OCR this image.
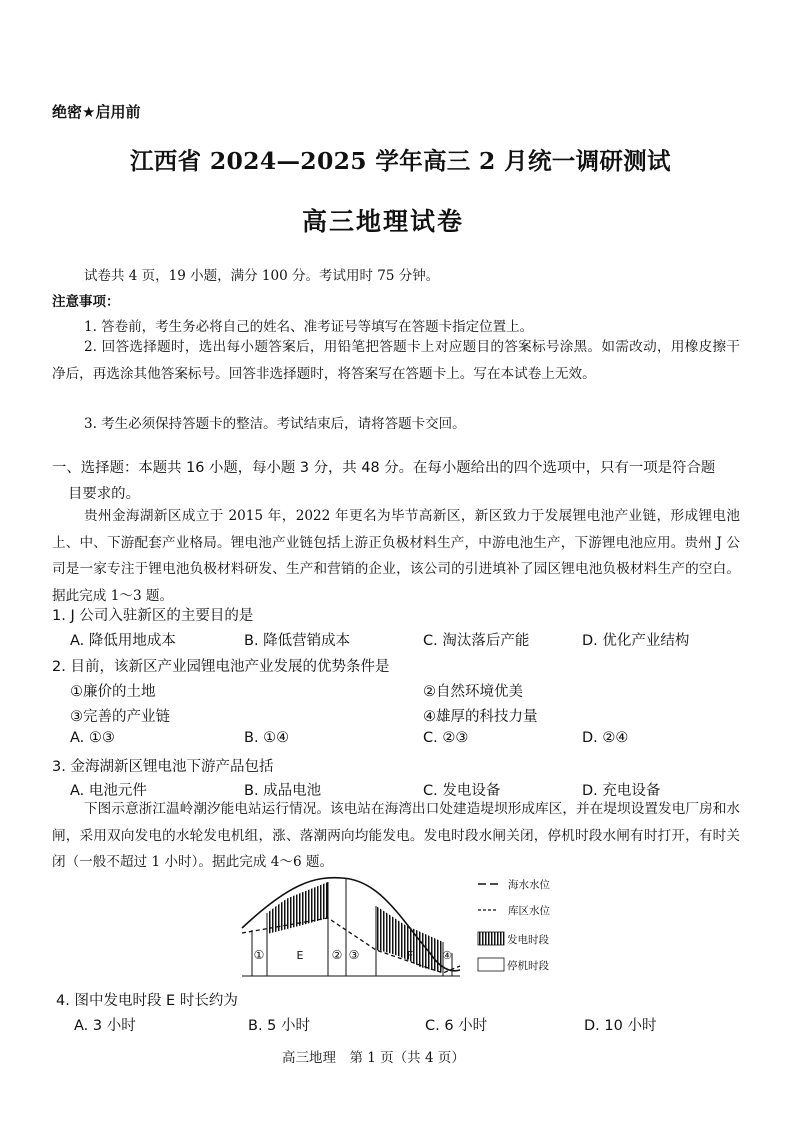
绝密★启用前
江西省 2024—2025 学年高三 2 月统一调研测试
高三地理试卷
试卷共 4 页，19 小题，满分 100 分。考试用时 75 分钟。
注意事项：
1. 答卷前，考生务必将自己的姓名、准考证号等填写在答题卡指定位置上。
2. 回答选择题时，选出每小题答案后，用铅笔把答题卡上对应题目的答案标号涂黑。如需改动，用橡皮擦干净后，再选涂其他答案标号。回答非选择题时，将答案写在答题卡上。写在本试卷上无效。
3. 考生必须保持答题卡的整洁。考试结束后，请将答题卡交回。
一、选择题：本题共 16 小题，每小题 3 分，共 48 分。在每小题给出的四个选项中，只有一项是符合题
目要求的。
贵州金海湖新区成立于 2015 年，2022 年更名为毕节高新区，新区致力于发展锂电池产业链，形成锂电池上、中、下游配套产业格局。锂电池产业链包括上游正负极材料生产，中游电池生产，下游锂电池应用。贵州 J 公司是一家专注于锂电池负极材料研发、生产和营销的企业，该公司的引进填补了园区锂电池负极材料生产的空白。据此完成 1～3 题。
1. J 公司入驻新区的主要目的是
A. 降低用地成本	B. 降低营销成本	C. 淘汰落后产能	D. 优化产业结构
2. 目前，该新区产业园锂电池产业发展的优势条件是
①廉价的土地	②自然环境优美
③完善的产业链	④雄厚的科技力量
A. ①③	B. ①④	C. ②③	D. ②④
3. 金海湖新区锂电池下游产品包括
A. 电池元件	B. 成品电池	C. 发电设备	D. 充电设备
下图示意浙江温岭潮汐能电站运行情况。该电站在海湾出口处建造堤坝形成库区，并在堤坝设置发电厂房和水闸，采用双向发电的水轮发电机组，涨、落潮两向均能发电。发电时段水闸关闭，停机时段水闸有时打开，有时关闭（一般不超过 1 小时）。据此完成 4～6 题。
①	E ② ③	F	④
海水水位
库区水位
发电时段
停机时段
4. 图中发电时段 E 时长约为
A. 3 小时	B. 5 小时	C. 6 小时	D. 10 小时
高三地理　第 1 页（共 4 页）
